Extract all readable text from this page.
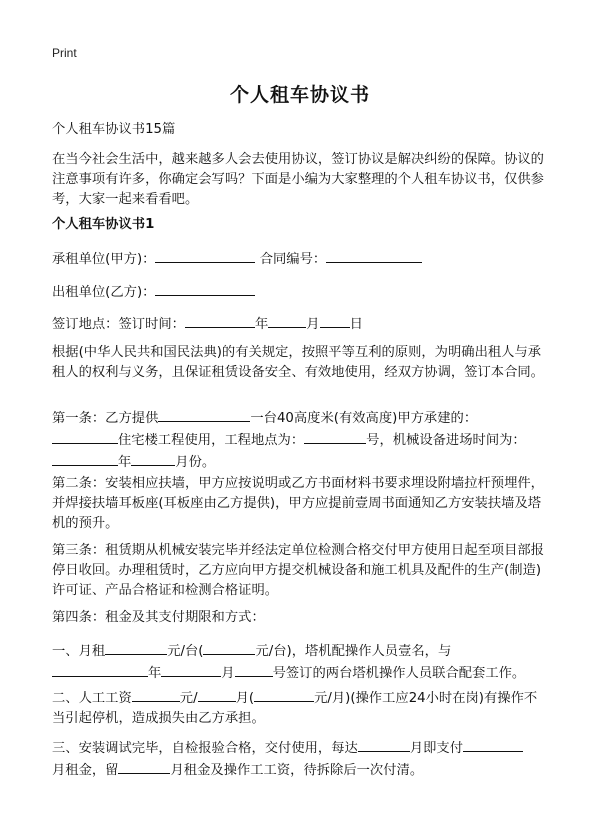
Print
个人租车协议书
个人租车协议书15篇
在当今社会生活中，越来越多人会去使用协议，签订协议是解决纠纷的保障。协议的注意事项有许多，你确定会写吗？下面是小编为大家整理的个人租车协议书，仅供参考，大家一起来看看吧。
个人租车协议书1
承租单位(甲方)：	合同编号：
出租单位(乙方)：
签订地点：签订时间：	年	月 日
根据(中华人民共和国民法典)的有关规定，按照平等互利的原则，为明确出租人与承租人的权利与义务，且保证租赁设备安全、有效地使用，经双方协调，签订本合同。
第一条：乙方提供	一台40高度米(有效高度)甲方承建的：
住宅楼工程使用，工程地点为：	号，机械设备进场时间为：
年	月份。
第二条：安装相应扶墙，甲方应按说明或乙方书面材料书要求埋设附墙拉杆预埋件，并焊接扶墙耳板座(耳板座由乙方提供)，甲方应提前壹周书面通知乙方安装扶墙及塔机的预升。
第三条：租赁期从机械安装完毕并经法定单位检测合格交付甲方使用日起至项目部报停日收回。办理租赁时，乙方应向甲方提交机械设备和施工机具及配件的生产(制造)许可证、产品合格证和检测合格证明。
第四条：租金及其支付期限和方式：
一、月租	元/台(	元/台)，塔机配操作人员壹名，与
年	月	号签订的两台塔机操作人员联合配套工作。
二、人工工资	元/	月(	元/月)(操作工应24小时在岗)有操作不当引起停机，造成损失由乙方承担。
三、安装调试完毕，自检报验合格，交付使用，每达	月即支付
月租金，留	月租金及操作工工资，待拆除后一次付清。
